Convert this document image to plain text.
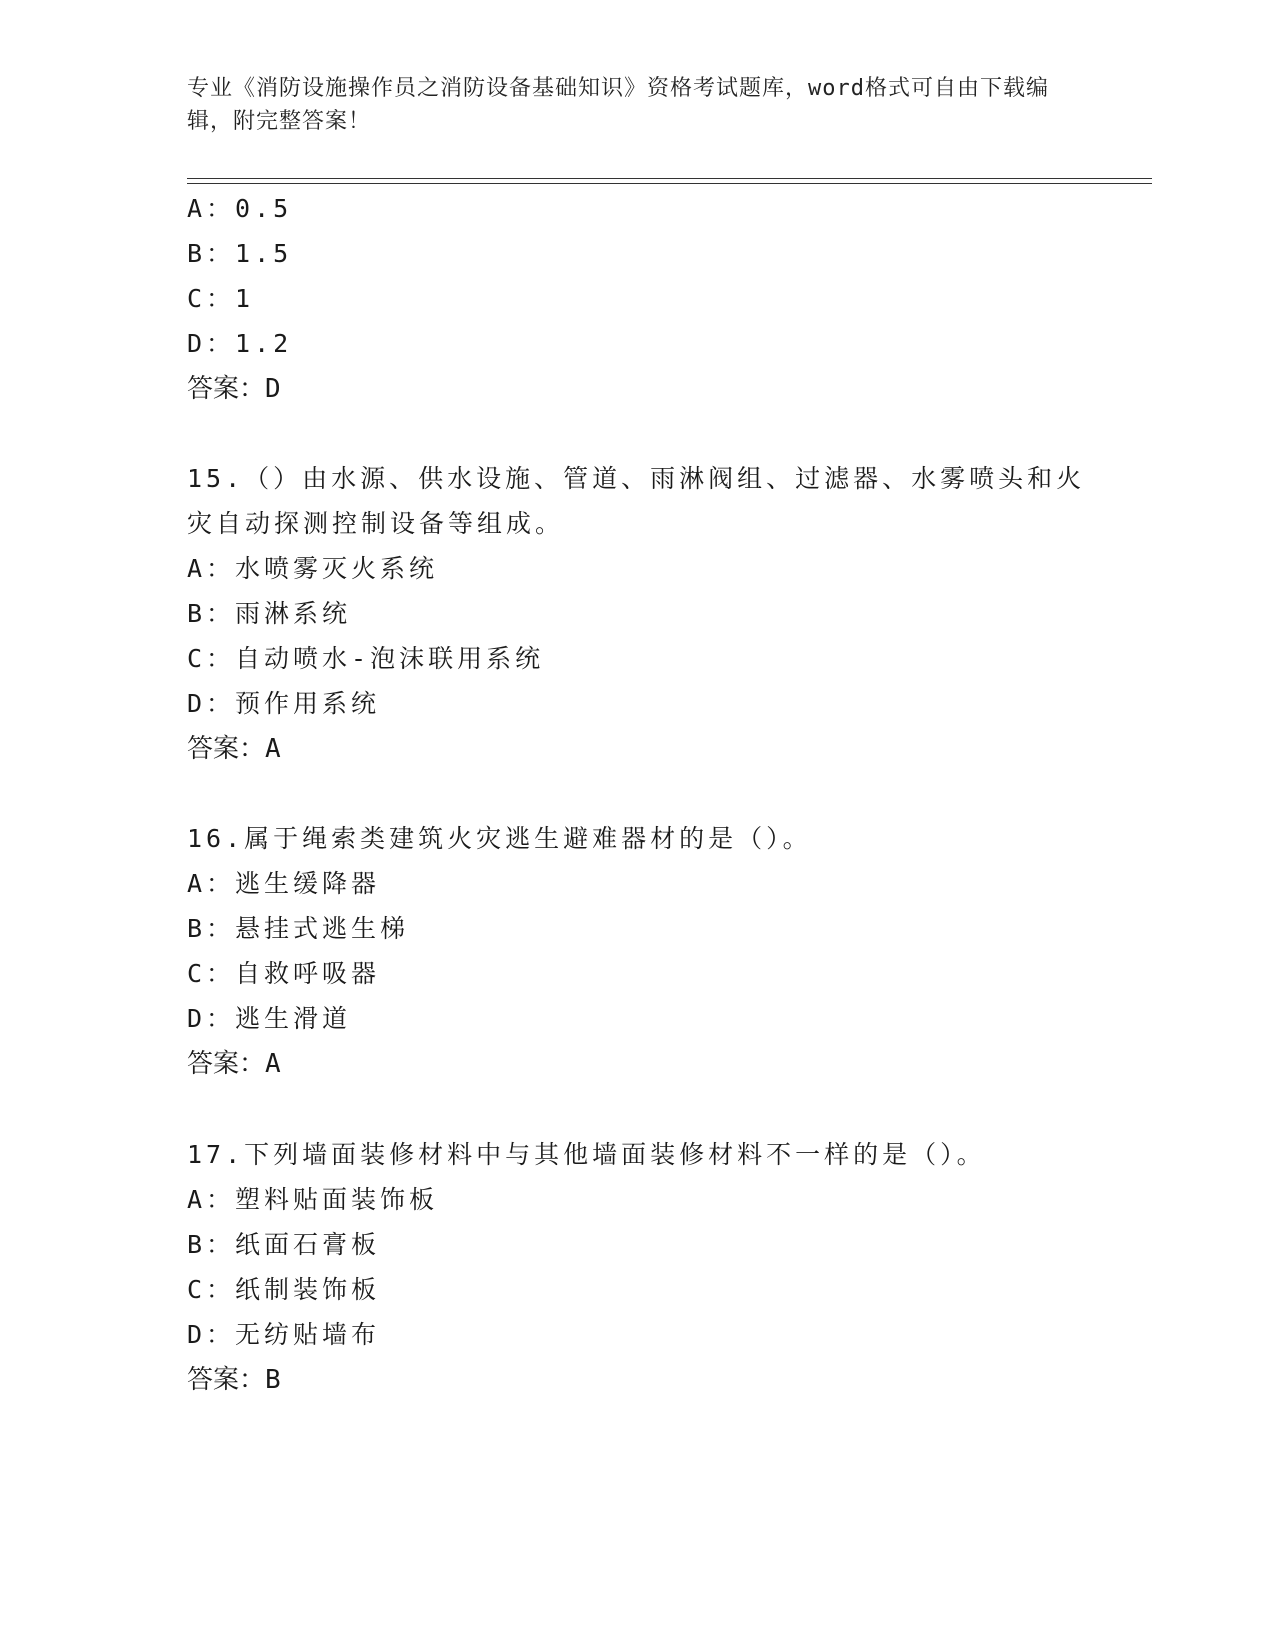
专业《消防设施操作员之消防设备基础知识》资格考试题库，word格式可自由下载编辑，附完整答案！

A：0.5

B：1.5

C：1

D：1.2

答案：D

15.（）由水源、供水设施、管道、雨淋阀组、过滤器、水雾喷头和火

灾自动探测控制设备等组成。

A：水喷雾灭火系统

B：雨淋系统

C：自动喷水-泡沫联用系统

D：预作用系统

答案：A

16.属于绳索类建筑火灾逃生避难器材的是（）。

A：逃生缓降器

B：悬挂式逃生梯

C：自救呼吸器

D：逃生滑道

答案：A

17.下列墙面装修材料中与其他墙面装修材料不一样的是（）。

A：塑料贴面装饰板

B：纸面石膏板

C：纸制装饰板

D：无纺贴墙布

答案：B
